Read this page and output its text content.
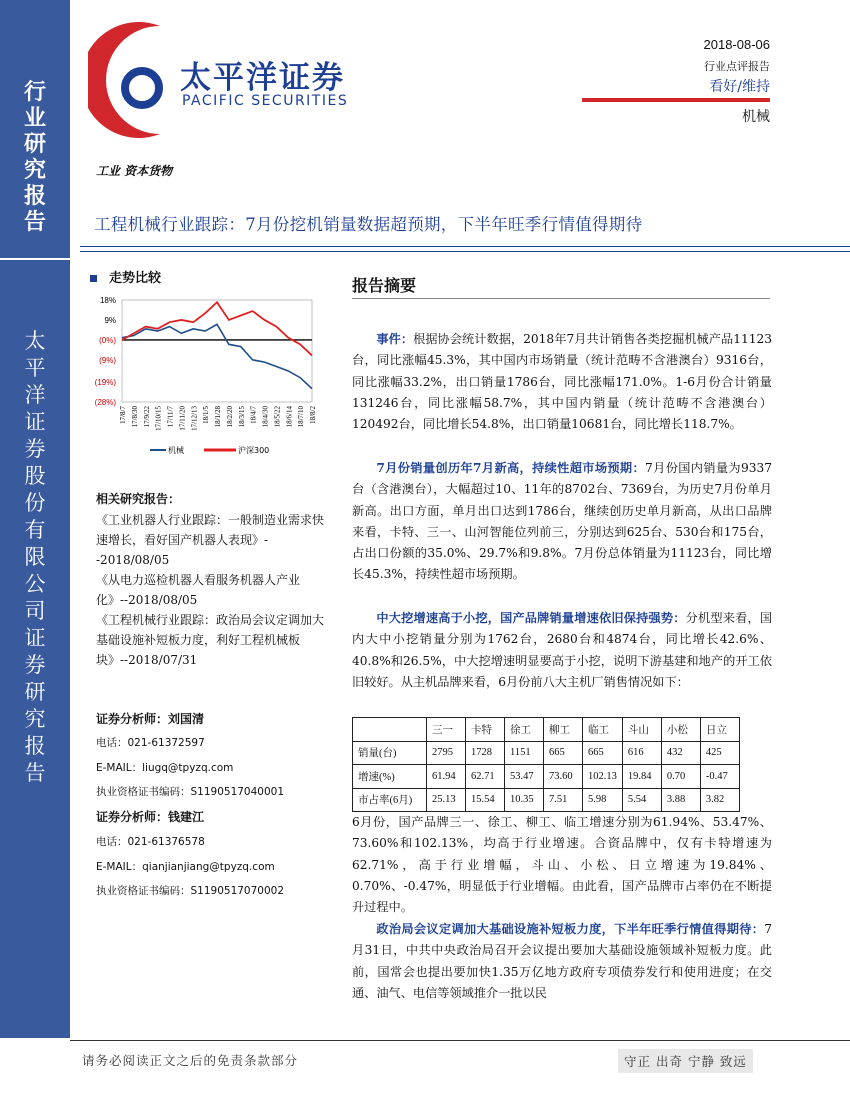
行
业
研
究
报
告
太
平
洋
证
券
股
份
有
限
公
司
证
券
研
究
报
告
太平洋证券
PACIFIC SECURITIES
2018-08-06
行业点评报告
看好/维持
机械
工业 资本货物
工程机械行业跟踪：7月份挖机销量数据超预期，下半年旺季行情值得期待
走势比较
18%
9%
(0%)
(9%)
(19%)
(28%)
17/8/7 17/8/30 17/9/22 17/10/15 17/11/7 17/11/20 17/12/13 18/1/5 18/1/28 18/2/20 18/3/15 18/4/7 18/4/30 18/5/22 18/6/14 18/7/10 18/8/2
机械	沪深300
相关研究报告：
《工业机器人行业跟踪：一般制造业需求快速增长，看好国产机器人表现》--2018/08/05
《从电力巡检机器人看服务机器人产业化》--2018/08/05
《工程机械行业跟踪：政治局会议定调加大基础设施补短板力度，利好工程机械板块》--2018/07/31
证券分析师：刘国清
电话：021-61372597
E-MAIL：liugq@tpyzq.com
执业资格证书编码：S1190517040001
证券分析师：钱建江
电话：021-61376578
E-MAIL：qianjianjiang@tpyzq.com
执业资格证书编码：S1190517070002
报告摘要
事件：根据协会统计数据，2018年7月共计销售各类挖掘机械产品11123台，同比涨幅45.3%，其中国内市场销量（统计范畴不含港澳台）9316台，同比涨幅33.2%，出口销量1786台，同比涨幅171.0%。1-6月份合计销量131246台，同比涨幅58.7%，其中国内销量（统计范畴不含港澳台）120492台，同比增长54.8%，出口销量10681台，同比增长118.7%。
7月份销量创历年7月新高，持续性超市场预期：7月份国内销量为9337台（含港澳台），大幅超过10、11年的8702台、7369台，为历史7月份单月新高。出口方面，单月出口达到1786台，继续创历史单月新高，从出口品牌来看，卡特、三一、山河智能位列前三，分别达到625台、530台和175台，占出口份额的35.0%、29.7%和9.8%。7月份总体销量为11123台，同比增长45.3%，持续性超市场预期。
中大挖增速高于小挖，国产品牌销量增速依旧保持强势：分机型来看，国内大中小挖销量分别为1762台，2680台和4874台，同比增长42.6%、40.8%和26.5%，中大挖增速明显要高于小挖，说明下游基建和地产的开工依旧较好。从主机品牌来看，6月份前八大主机厂销售情况如下：
	三一	卡特	徐工	柳工	临工	斗山	小松	日立
销量(台)	2795	1728	1151	665	665	616	432	425
增速(%)	61.94	62.71	53.47	73.60	102.13	19.84	0.70	-0.47
市占率(6月)	25.13	15.54	10.35	7.51	5.98	5.54	3.88	3.82
6月份，国产品牌三一、徐工、柳工、临工增速分别为61.94%、53.47%、73.60%和102.13%，均高于行业增速。合资品牌中，仅有卡特增速为62.71%，高于行业增幅，斗山、小松、日立增速为19.84%、0.70%、-0.47%，明显低于行业增幅。由此看，国产品牌市占率仍在不断提升过程中。
政治局会议定调加大基础设施补短板力度，下半年旺季行情值得期待：7月31日，中共中央政治局召开会议提出要加大基础设施领域补短板力度。此前，国常会也提出要加快1.35万亿地方政府专项债券发行和使用进度；在交通、油气、电信等领域推介一批以民
请务必阅读正文之后的免责条款部分	守正 出奇 宁静 致远
